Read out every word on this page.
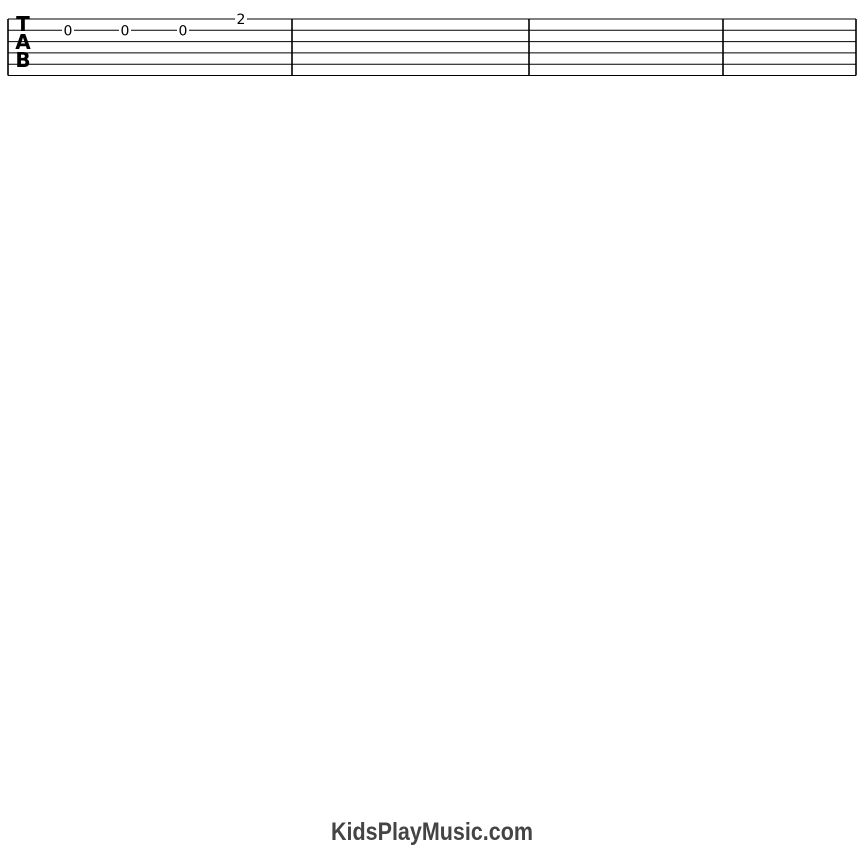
T
A
B
0	0	0
2
KidsPlayMusic.com
